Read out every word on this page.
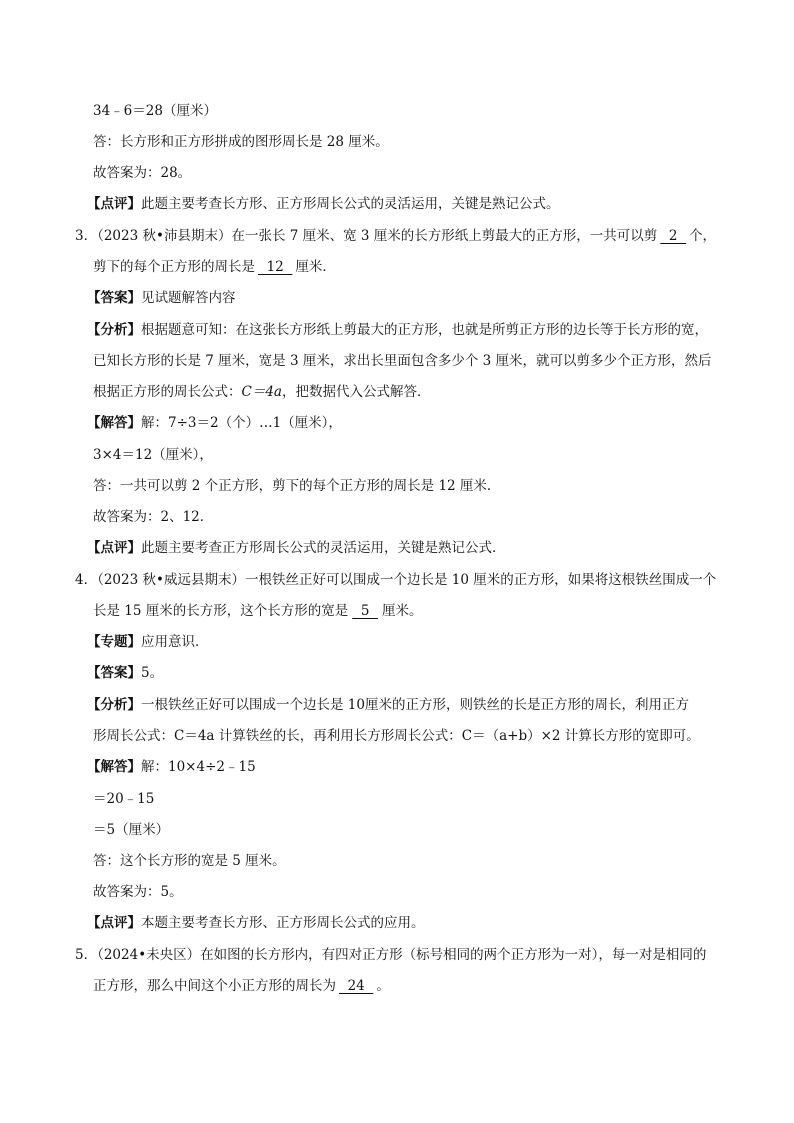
34﹣6＝28（厘米）
答：长方形和正方形拼成的图形周长是 28 厘米。
故答案为：28。
【点评】此题主要考查长方形、正方形周长公式的灵活运用，关键是熟记公式。
3．（2023 秋•沛县期末）在一张长 7 厘米、宽 3 厘米的长方形纸上剪最大的正方形，一共可以剪  2  个，
剪下的每个正方形的周长是  12  厘米．
【答案】见试题解答内容
【分析】根据题意可知：在这张长方形纸上剪最大的正方形，也就是所剪正方形的边长等于长方形的宽，
已知长方形的长是 7 厘米，宽是 3 厘米，求出长里面包含多少个 3 厘米，就可以剪多少个正方形，然后
根据正方形的周长公式：C＝4a，把数据代入公式解答．
【解答】解：7÷3＝2（个）…1（厘米），
3×4＝12（厘米），
答：一共可以剪 2 个正方形，剪下的每个正方形的周长是 12 厘米．
故答案为：2、12．
【点评】此题主要考查正方形周长公式的灵活运用，关键是熟记公式．
4．（2023 秋•威远县期末）一根铁丝正好可以围成一个边长是 10 厘米的正方形，如果将这根铁丝围成一个
长是 15 厘米的长方形，这个长方形的宽是  5  厘米。
【专题】应用意识．
【答案】5。
【分析】一根铁丝正好可以围成一个边长是 10厘米的正方形，则铁丝的长是正方形的周长，利用正方
形周长公式：C＝4a 计算铁丝的长，再利用长方形周长公式：C＝（a+b）×2 计算长方形的宽即可。
【解答】解：10×4÷2﹣15
＝20﹣15
＝5（厘米）
答：这个长方形的宽是 5 厘米。
故答案为：5。
【点评】本题主要考查长方形、正方形周长公式的应用。
5．（2024•未央区）在如图的长方形内，有四对正方形（标号相同的两个正方形为一对），每一对是相同的
正方形，那么中间这个小正方形的周长为  24  。
